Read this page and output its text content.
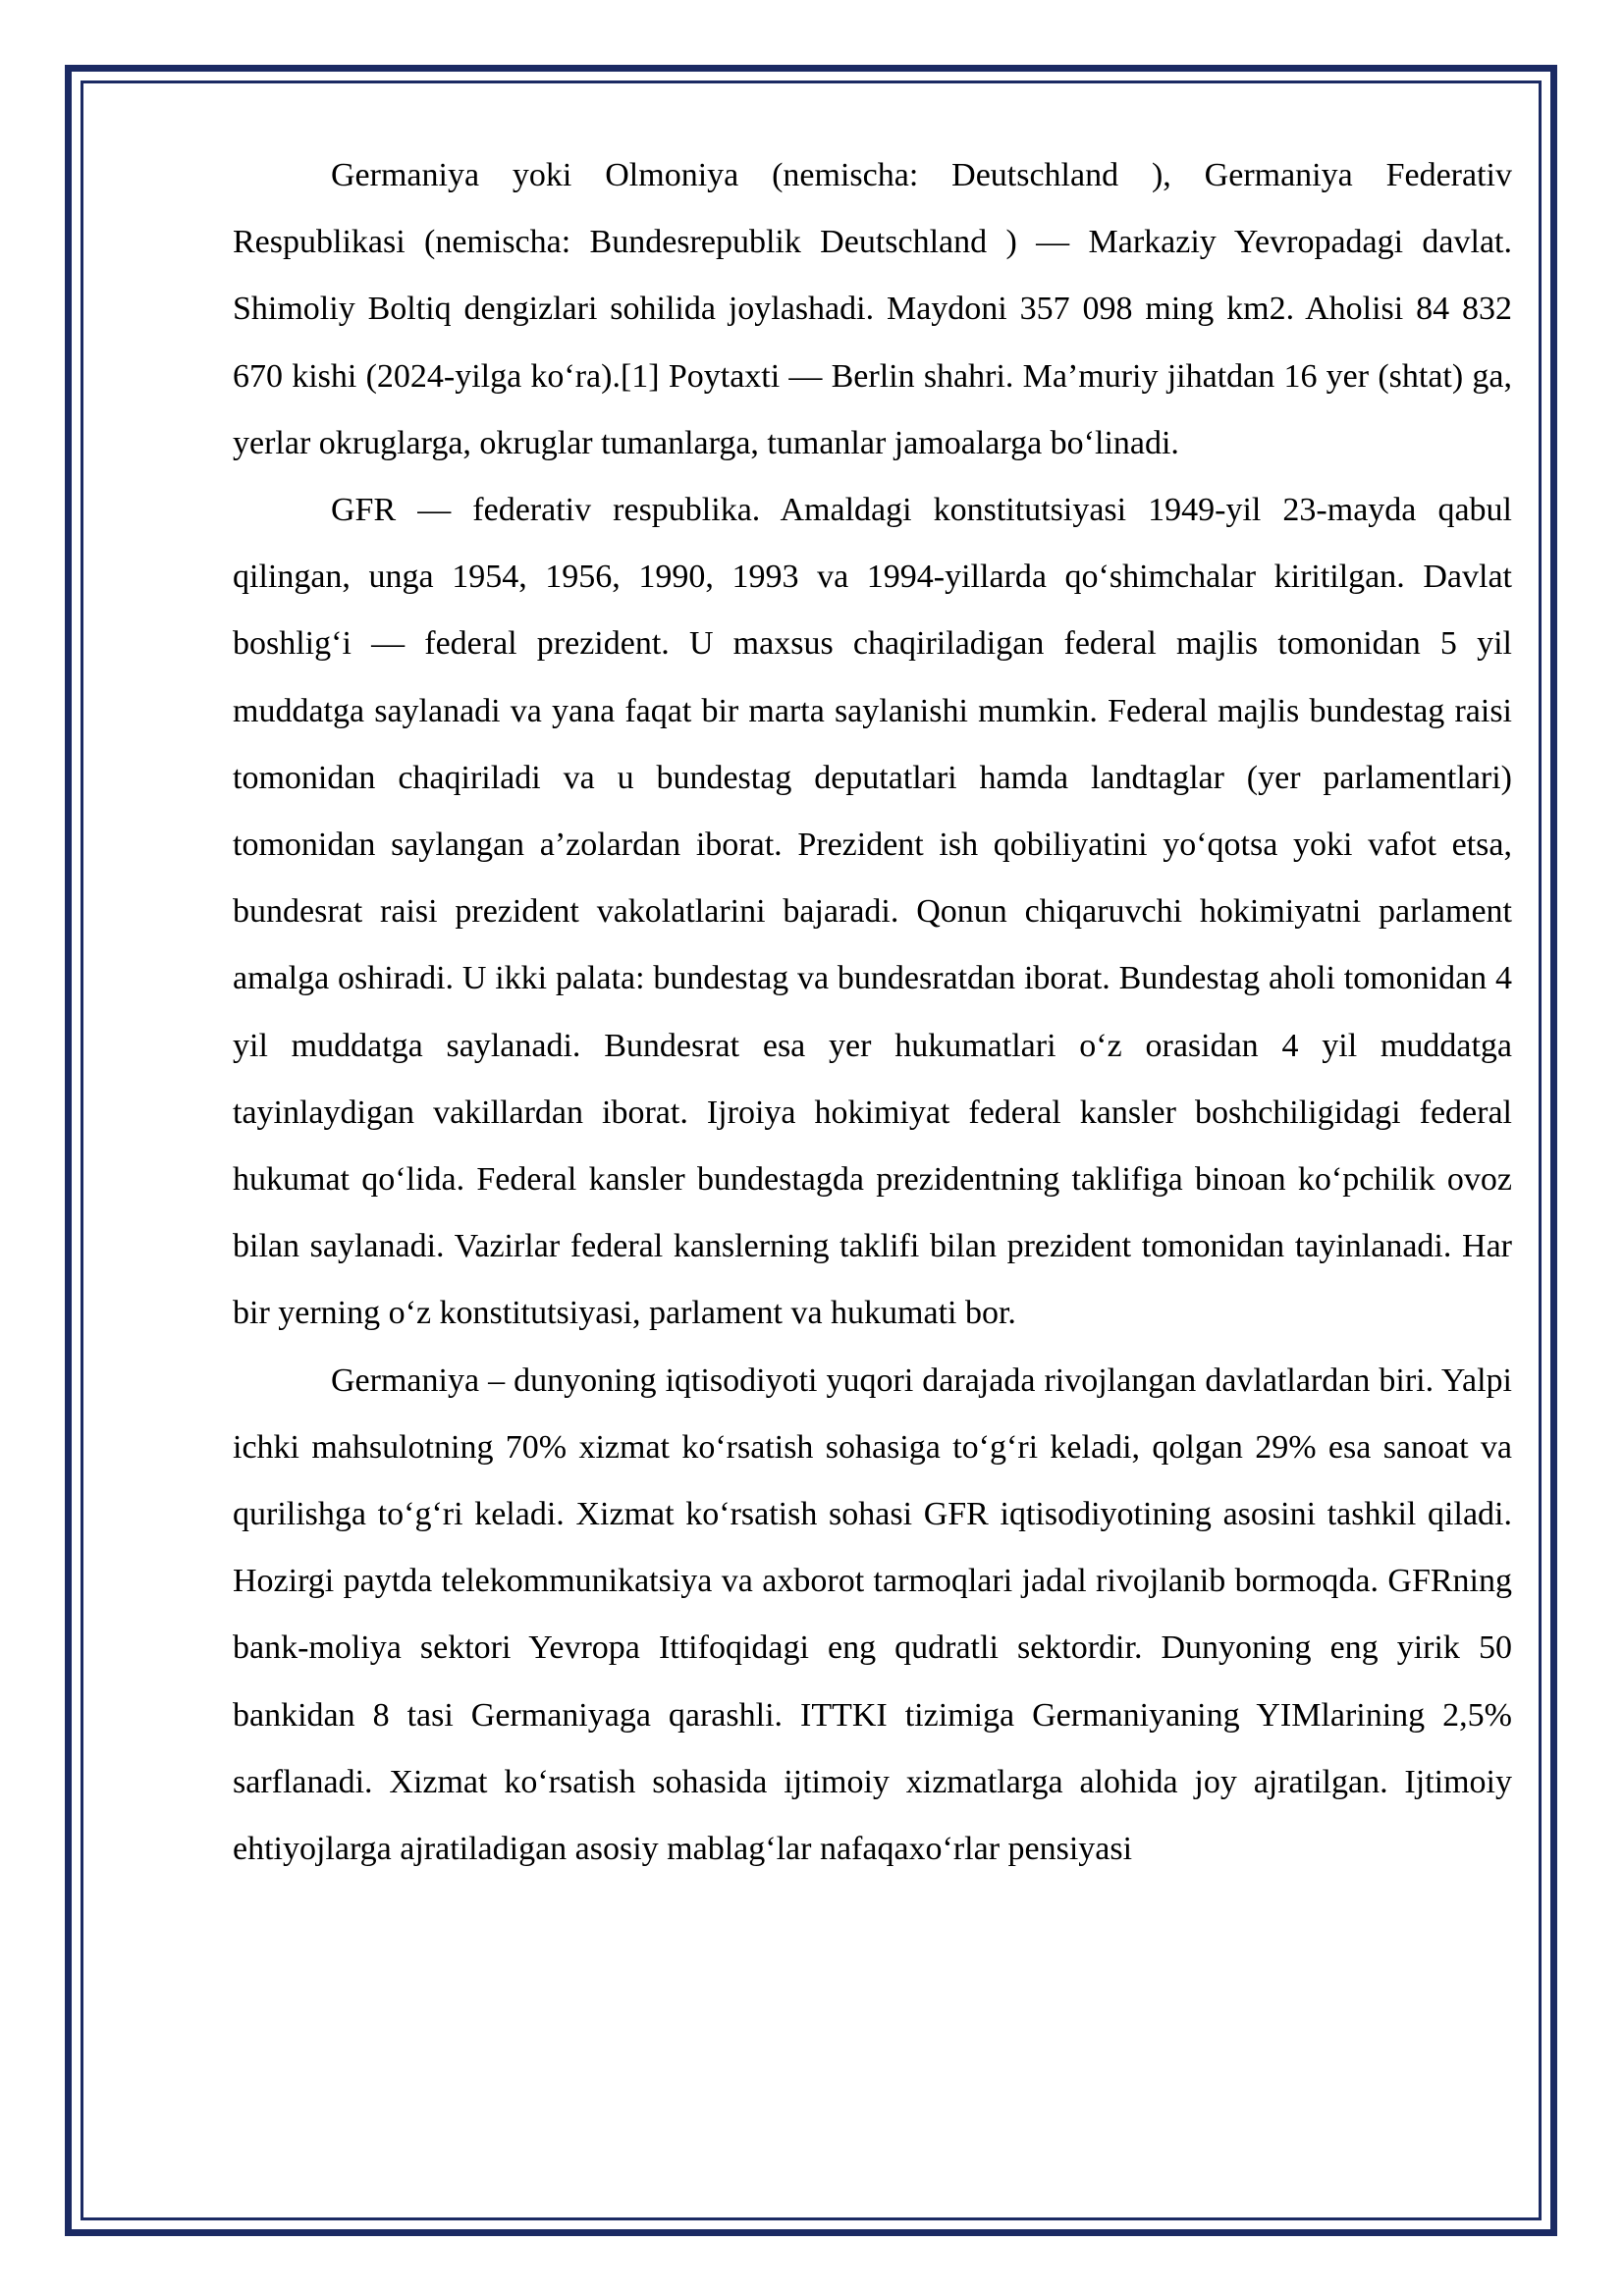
Germaniya yoki Olmoniya (nemischa: Deutschland ), Germaniya Federativ Respublikasi (nemischa: Bundesrepublik Deutschland ) — Markaziy Yevropadagi davlat. Shimoliy Boltiq dengizlari sohilida joylashadi. Maydoni 357 098 ming km2. Aholisi 84 832 670 kishi (2024-yilga koʻra).[1] Poytaxti — Berlin shahri. Ma’muriy jihatdan 16 yer (shtat) ga, yerlar okruglarga, okruglar tumanlarga, tumanlar jamoalarga boʻlinadi.

GFR — federativ respublika. Amaldagi konstitutsiyasi 1949-yil 23-mayda qabul qilingan, unga 1954, 1956, 1990, 1993 va 1994-yillarda qoʻshimchalar kiritilgan. Davlat boshligʻi — federal prezident. U maxsus chaqiriladigan federal majlis tomonidan 5 yil muddatga saylanadi va yana faqat bir marta saylanishi mumkin. Federal majlis bundestag raisi tomonidan chaqiriladi va u bundestag deputatlari hamda landtaglar (yer parlamentlari) tomonidan saylangan a’zolardan iborat. Prezident ish qobiliyatini yoʻqotsa yoki vafot etsa, bundesrat raisi prezident vakolatlarini bajaradi. Qonun chiqaruvchi hokimiyatni parlament amalga oshiradi. U ikki palata: bundestag va bundesratdan iborat. Bundestag aholi tomonidan 4 yil muddatga saylanadi. Bundesrat esa yer hukumatlari oʻz orasidan 4 yil muddatga tayinlaydigan vakillardan iborat. Ijroiya hokimiyat federal kansler boshchiligidagi federal hukumat qoʻlida. Federal kansler bundestagda prezidentning taklifiga binoan koʻpchilik ovoz bilan saylanadi. Vazirlar federal kanslerning taklifi bilan prezident tomonidan tayinlanadi. Har bir yerning oʻz konstitutsiyasi, parlament va hukumati bor.

Germaniya – dunyoning iqtisodiyoti yuqori darajada rivojlangan davlatlardan biri. Yalpi ichki mahsulotning 70% xizmat koʻrsatish sohasiga toʻgʻri keladi, qolgan 29% esa sanoat va qurilishga toʻgʻri keladi. Xizmat koʻrsatish sohasi GFR iqtisodiyotining asosini tashkil qiladi. Hozirgi paytda telekommunikatsiya va axborot tarmoqlari jadal rivojlanib bormoqda. GFRning bank-moliya sektori Yevropa Ittifoqidagi eng qudratli sektordir. Dunyoning eng yirik 50 bankidan 8 tasi Germaniyaga qarashli. ITTKI tizimiga Germaniyaning YIMlarining 2,5% sarflanadi. Xizmat koʻrsatish sohasida ijtimoiy xizmatlarga alohida joy ajratilgan. Ijtimoiy ehtiyojlarga ajratiladigan asosiy mablagʻlar nafaqaxoʻrlar pensiyasi
